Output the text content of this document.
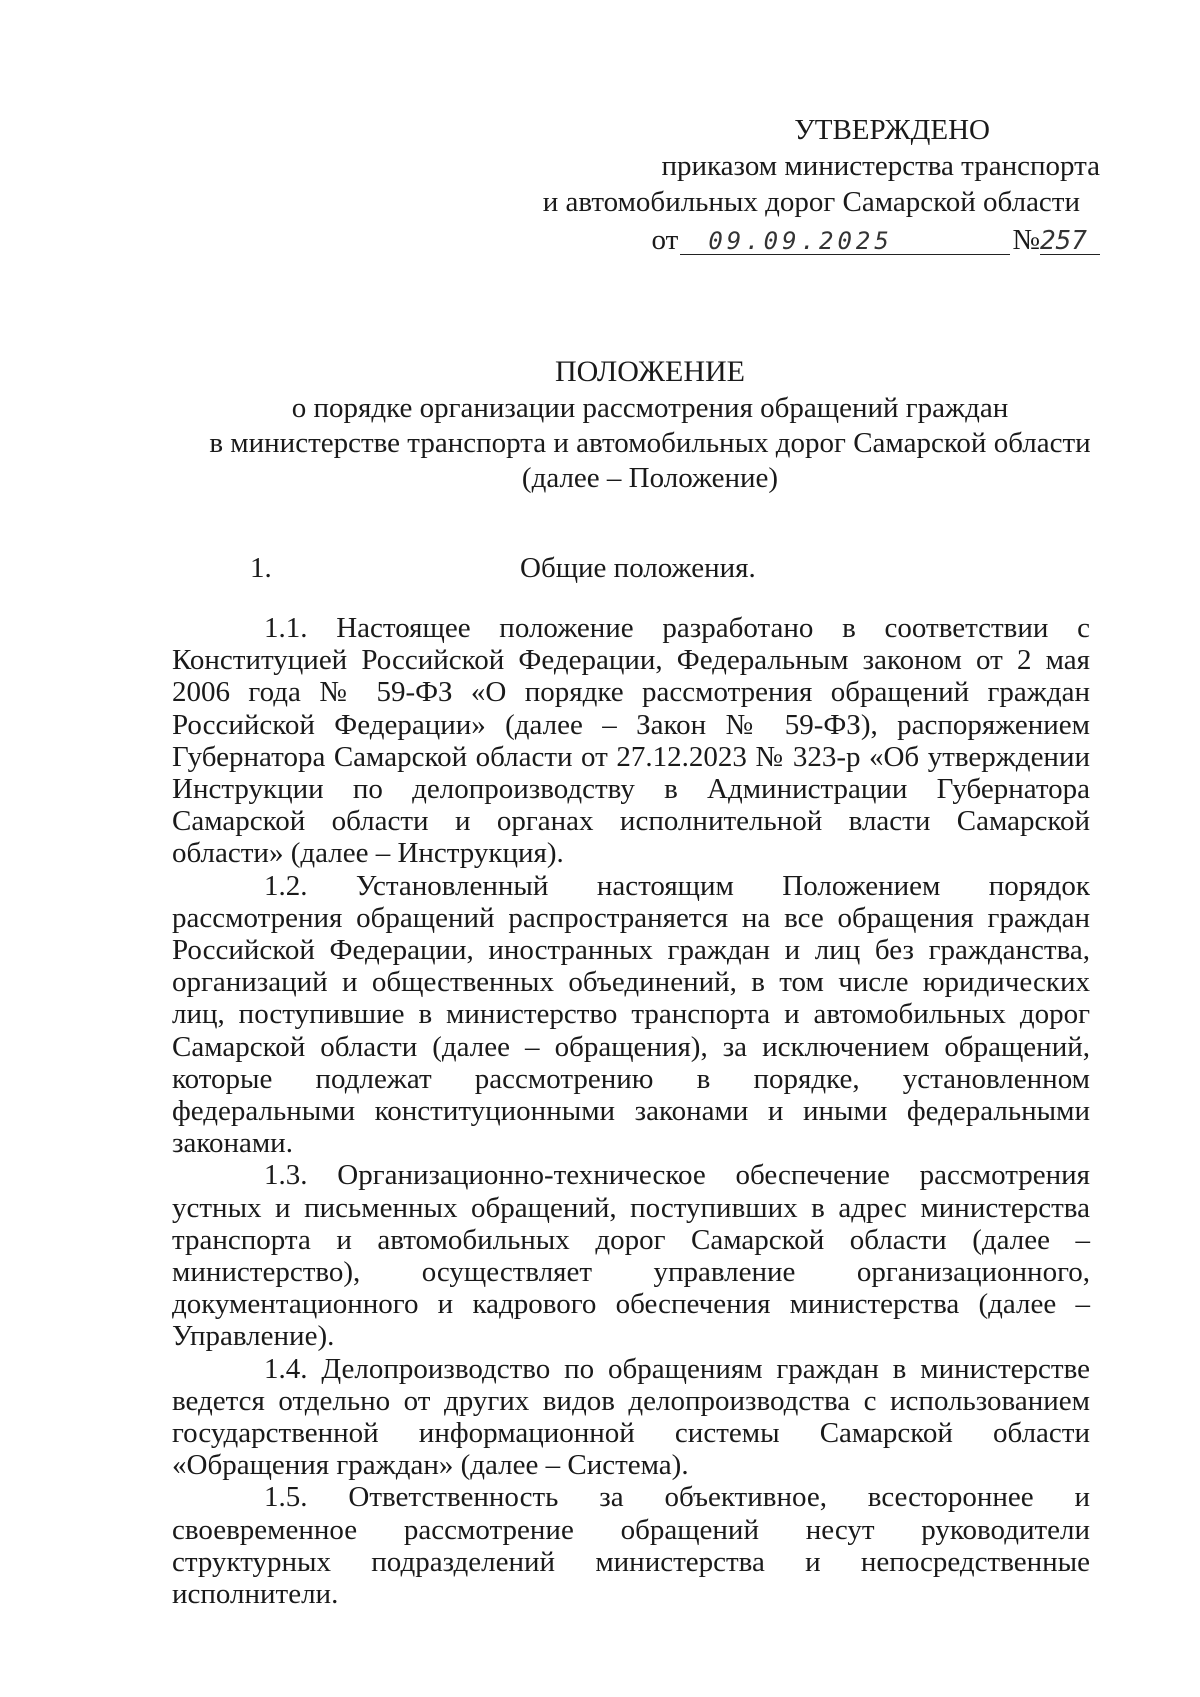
УТВЕРЖДЕНО
приказом министерства транспорта
и автомобильных дорог Самарской области
от	09.09.2025	№ 257
ПОЛОЖЕНИЕ
о порядке организации рассмотрения обращений граждан
в министерстве транспорта и автомобильных дорог Самарской области
(далее – Положение)
1.	Общие положения.

1.1. Настоящее положение разработано в соответствии с Конституцией Российской Федерации, Федеральным законом от 2 мая 2006 года № 59-ФЗ «О порядке рассмотрения обращений граждан Российской Федерации» (далее – Закон № 59-ФЗ), распоряжением Губернатора Самарской области от 27.12.2023 № 323-р «Об утверждении Инструкции по делопроизводству в Администрации Губернатора Самарской области и органах исполнительной власти Самарской области» (далее – Инструкция).

1.2. Установленный настоящим Положением порядок рассмотрения обращений распространяется на все обращения граждан Российской Федерации, иностранных граждан и лиц без гражданства, организаций и общественных объединений, в том числе юридических лиц, поступившие в министерство транспорта и автомобильных дорог Самарской области (далее – обращения), за исключением обращений, которые подлежат рассмотрению в порядке, установленном федеральными конституционными законами и иными федеральными законами.

1.3. Организационно-техническое обеспечение рассмотрения устных и письменных обращений, поступивших в адрес министерства транспорта и автомобильных дорог Самарской области (далее – министерство), осуществляет управление организационного, документационного и кадрового обеспечения министерства (далее – Управление).

1.4. Делопроизводство по обращениям граждан в министерстве ведется отдельно от других видов делопроизводства с использованием государственной информационной системы Самарской области «Обращения граждан» (далее – Система).

1.5. Ответственность за объективное, всестороннее и своевременное рассмотрение обращений несут руководители структурных подразделений министерства и непосредственные исполнители.
